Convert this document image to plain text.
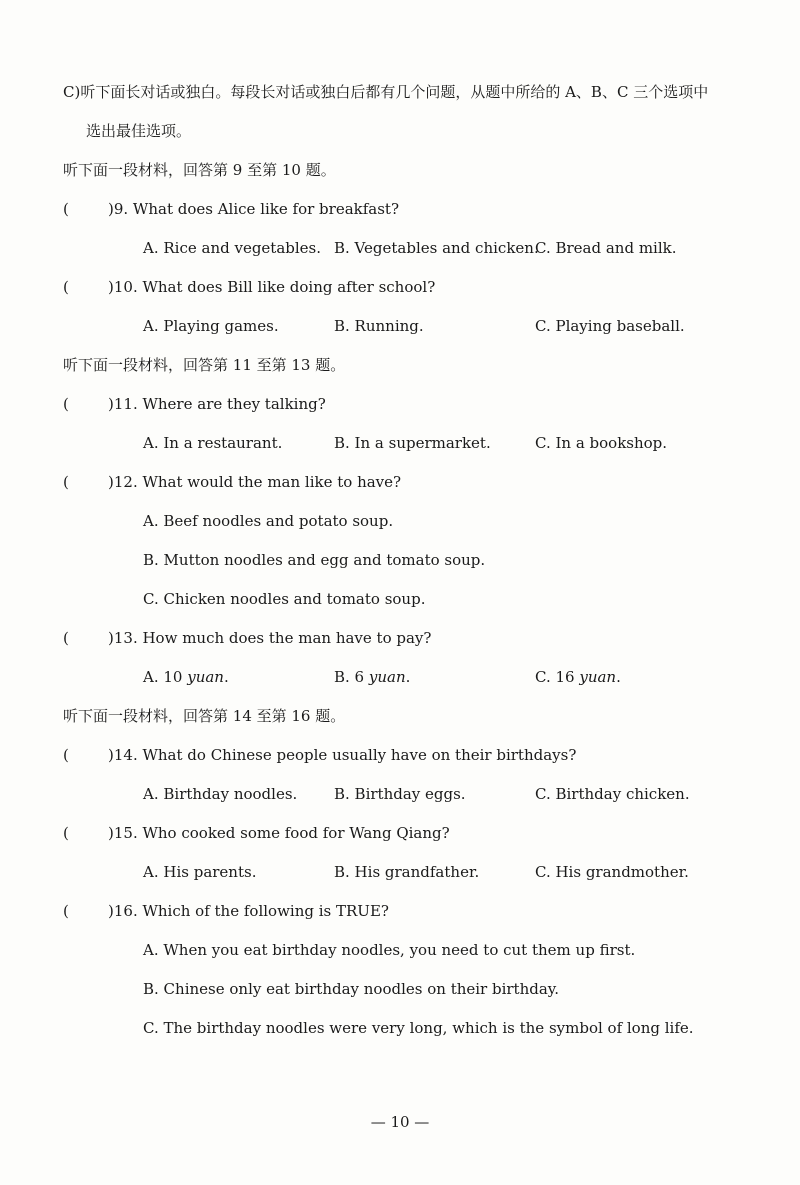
C)听下面长对话或独白。每段长对话或独白后都有几个问题，从题中所给的 A、B、C 三个选项中
选出最佳选项。
听下面一段材料，回答第 9 至第 10 题。
(	)9. What does Alice like for breakfast?
A. Rice and vegetables. B. Vegetables and chicken.
C. Bread and milk.
(	)10. What does Bill like doing after school?
A. Playing games.	B. Running.	C. Playing baseball.
听下面一段材料，回答第 11 至第 13 题。
(	)11. Where are they talking?
A. In a restaurant.	B. In a supermarket.	C. In a bookshop.
(	)12. What would the man like to have?
A. Beef noodles and potato soup.
B. Mutton noodles and egg and tomato soup.
C. Chicken noodles and tomato soup.
(	)13. How much does the man have to pay?
A. 10 yuan.	B. 6 yuan.	C. 16 yuan.
听下面一段材料，回答第 14 至第 16 题。
(	)14. What do Chinese people usually have on their birthdays?
A. Birthday noodles. B. Birthday eggs.	C. Birthday chicken.
(	)15. Who cooked some food for Wang Qiang?
A. His parents.	B. His grandfather.	C. His grandmother.
(	)16. Which of the following is TRUE?
A. When you eat birthday noodles, you need to cut them up first.
B. Chinese only eat birthday noodles on their birthday.
C. The birthday noodles were very long, which is the symbol of long life.
— 10 —
